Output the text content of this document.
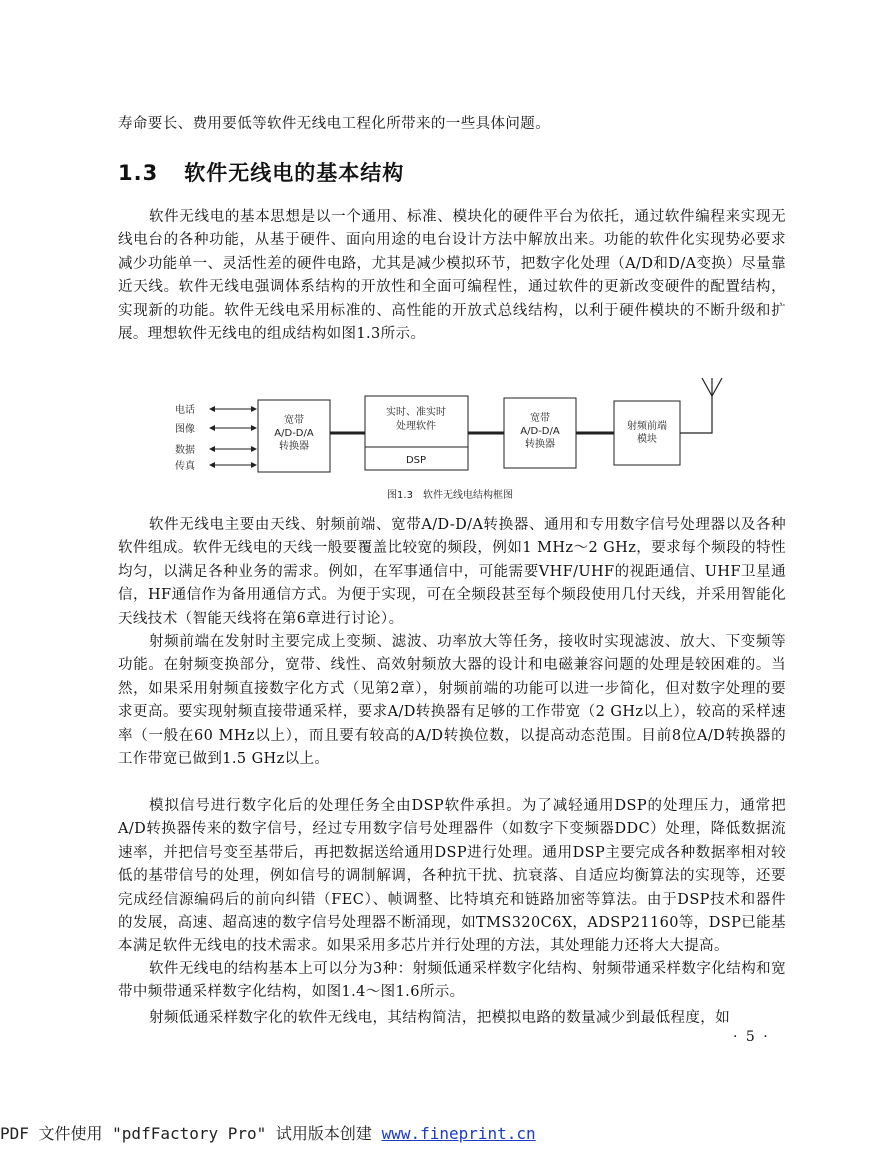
寿命要长、费用要低等软件无线电工程化所带来的一些具体问题。

1.3 软件无线电的基本结构

软件无线电的基本思想是以一个通用、标准、模块化的硬件平台为依托，通过软件编程来实现无线电台的各种功能，从基于硬件、面向用途的电台设计方法中解放出来。功能的软件化实现势必要求减少功能单一、灵活性差的硬件电路，尤其是减少模拟环节，把数字化处理（A/D和D/A变换）尽量靠近天线。软件无线电强调体系结构的开放性和全面可编程性，通过软件的更新改变硬件的配置结构，实现新的功能。软件无线电采用标准的、高性能的开放式总线结构，以利于硬件模块的不断升级和扩展。理想软件无线电的组成结构如图1.3所示。

电话
图像
数据
传真
宽带
A/D-D/A
转换器
实时、准实时
处理软件
DSP
宽带
A/D-D/A
转换器
射频前端
模块
图1.3　软件无线电结构框图

软件无线电主要由天线、射频前端、宽带A/D-D/A转换器、通用和专用数字信号处理器以及各种软件组成。软件无线电的天线一般要覆盖比较宽的频段，例如1 MHz～2 GHz，要求每个频段的特性均匀，以满足各种业务的需求。例如，在军事通信中，可能需要VHF/UHF的视距通信、UHF卫星通信，HF通信作为备用通信方式。为便于实现，可在全频段甚至每个频段使用几付天线，并采用智能化天线技术（智能天线将在第6章进行讨论）。

射频前端在发射时主要完成上变频、滤波、功率放大等任务，接收时实现滤波、放大、下变频等功能。在射频变换部分，宽带、线性、高效射频放大器的设计和电磁兼容问题的处理是较困难的。当然，如果采用射频直接数字化方式（见第2章），射频前端的功能可以进一步简化，但对数字处理的要求更高。要实现射频直接带通采样，要求A/D转换器有足够的工作带宽（2 GHz以上），较高的采样速率（一般在60 MHz以上），而且要有较高的A/D转换位数，以提高动态范围。目前8位A/D转换器的工作带宽已做到1.5 GHz以上。

模拟信号进行数字化后的处理任务全由DSP软件承担。为了减轻通用DSP的处理压力，通常把A/D转换器传来的数字信号，经过专用数字信号处理器件（如数字下变频器DDC）处理，降低数据流速率，并把信号变至基带后，再把数据送给通用DSP进行处理。通用DSP主要完成各种数据率相对较低的基带信号的处理，例如信号的调制解调，各种抗干扰、抗衰落、自适应均衡算法的实现等，还要完成经信源编码后的前向纠错（FEC）、帧调整、比特填充和链路加密等算法。由于DSP技术和器件的发展，高速、超高速的数字信号处理器不断涌现，如TMS320C6X，ADSP21160等，DSP已能基本满足软件无线电的技术需求。如果采用多芯片并行处理的方法，其处理能力还将大大提高。

软件无线电的结构基本上可以分为3种：射频低通采样数字化结构、射频带通采样数字化结构和宽带中频带通采样数字化结构，如图1.4～图1.6所示。

射频低通采样数字化的软件无线电，其结构简洁，把模拟电路的数量减少到最低程度，如

· 5 ·
PDF 文件使用 "pdfFactory Pro" 试用版本创建 www.fineprint.cn
